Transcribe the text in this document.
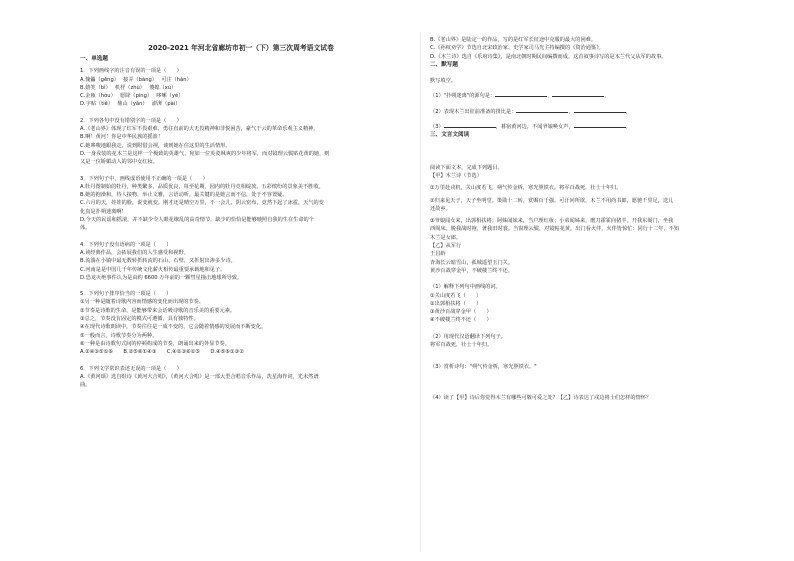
2020-2021 年河北省廊坊市初一（下）第三次周考语文试卷
一、单选题
1．下列画线字的注音有误的一项是（　　）
A.傀儡（ɡěnɡ）　 接弄（bànɡ）　 可注（hàn）
B.嬉笑（bì）　 机杼（zhù）　 傻媳（xù）
C.金瓯（hóu）　 愿降（pínɡ）　 哆嗦（yé）
D.字贴（tiě）　 鼎山（yǎn）　 澎湃（pài）
2．下列各句中没有错别字的一项是（　　）
A.《老山界》体现了红军不畏艰难，勇往直前的大无畏精神和非悦困苦，豪气干云的革命乐观主义精神。
B.啊！黄河！你是中华民族的摇篮！
C.她哆唆地跟我走，说到附借会视，谈到她在住这里的生活情形。
D.一身戎装的花木兰是这样一个极致的英雄气，宛如一位英姿飒爽的少年将军，而对镜理云鬓贴花黄的她，则
又是一位娇媚动人的邻中女红妆。
3．下列句子中，画线成语使用不正确的一项是（　　）
A.牡丹图制始的牡丹，种类繁多，品质优良，每至花期，园内的牡丹竞相绽放，五彩缤纷的景象美不胜收。
B.她的抱澡和，待人接物，举止文雅，言语动听，最关键的是她言而不信，处于不容置疑。
C.六月的天，娃娃的脸，说变就变。刚才还是晴空万里，不一会儿，阴云密布，竟然下起了冰雹，天气的变
化真是扑朔迷离啊！
D.今天的民谣和摇滚，并不缺少令人眼花缭乱的高奇情节，缺少的恰恰是能够映照自我的生在生命的个
体。
4．下列句子没有语病的一项是（　　）
A.读经典作品，会拓展我们的人生感受和视野。
B.流淌在小镇中最无数转折转流的石山、石壁，又折射出渗多少诗。
C.河南是是中国几千年传统文化薪火相传最重要承载地和见子。
D.恐龙灭绝事件认为是由约 6600 万年前的一颗彗星撞击地球所导致。
5．下列句子排序恰当的一项是（　　）
①另一种是随着诗歌内容而情感的变化而出现的节奏。
②节奏是诗歌的生命，是能够带来会话吸诗歌的音乐美的重要元素。
③总之，节奏没有固定的模式可遵循，具有独特性。
④在现代诗歌朗读中，节奏往往是一成不变的，它会随着情感的发展而不断变化。
⑤一般而言，诗歌节奏分为两种。
⑥一种是由诗歌句式间的停顿构成的节奏，朗诵出来的外显节奏。
A.②④③⑤①⑥　　B.②⑤⑥①④③　　C.④②③⑥①⑤　　D.④⑤⑥①③②
6．下列文学常识表述无误的一项是（　　）
A.《黄河颂》选自组诗《黄河大合唱》，《黄河大合唱》是一部大型合唱音乐作品，冼星海作词，光未然谱
曲。
B.《老山界》是陆定一的作品，写的是红军长征途中克服的最大的困难。
C.《孙权劝学》节选自北宋政治家、史学家司马光主持编撰的《资治通鉴》。
D.《木兰诗》选自《乐府诗集》，是南北朝时期民间编撰而成。这首叙事诗写的是木兰代父从军的故事。
二、默写题
默写填空。
（1）"扑朔迷离"的源句是：	，	。
（2）表现木兰出征前准备的排比是：	，	，
（3）	，暮宿黄河边，不闻爷娘唤女声，	。
三、文言文阅读
阅读下面文本，完成下列题目。
【甲】木兰诗（节选）
①万里赴戎机，关山度若飞。朔气传金柝，寒光照铁衣。将军百战死，壮士十年归。
②归来见天子，天子坐明堂。策勋十二转，赏赐百千强。可汗问所欲，木兰不用尚书郎，愿驰千里足，送儿
还故乡。
③爷娘闻女来，出郭相扶将；阿姊闻妹来，当户理红妆；小弟闻姊来，磨刀霍霍向猪羊。开我东阁门，坐我
西阁床。脱我战时袍，著我旧时裳。当窗理云鬓，对镜帖花黄。出门看火伴，火伴皆惊忙：同行十二年，不知
木兰是女郎。
【乙】从军行
王昌龄
青海长云暗雪山，孤城遥望玉门关。
黄沙百战穿金甲，不破楼兰终不还。
（1）解释下列句中画线的词。
①关山度若飞（　　）
②出郭相扶将（　　）
③黄沙百战穿金甲（　　）
④不破楼兰终不还（　　）
（2）用现代汉语翻译下列句子。
将军百战死，壮士十年归。
（3）赏析诗句："朔气传金柝，寒光照铁衣。"
（4）读了【甲】诗后你觉得木兰有哪些可敬可爱之处？【乙】诗表达了戍边将士们怎样的情怀？
